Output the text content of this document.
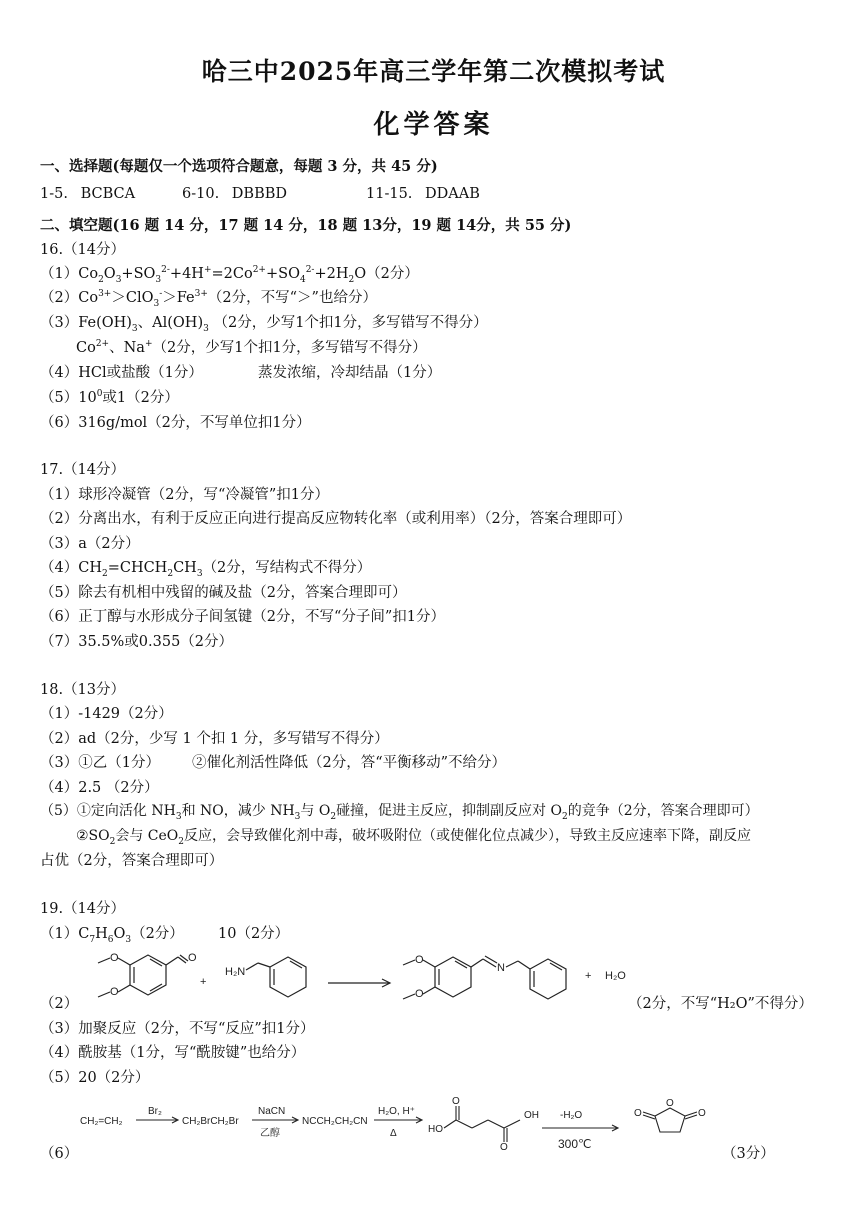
哈三中2025年高三学年第二次模拟考试
化学答案
一、选择题(每题仅一个选项符合题意，每题 3 分，共 45 分)
1-5. BCBCA	6-10. DBBBD	11-15. DDAAB
二、填空题(16 题 14 分，17 题 14 分，18 题 13分，19 题 14分，共 55 分)
16.（14分）
$(1)Co_2O_3+SO_3^{2-}+4H^+=2Co^{2+}+SO_4^{2-}+2H_2O(2$分）
$(2)Co^{3+}>ClO_3^->Fe^{3+}(2$分，不写“＞”也给分）
$(3)Fe(OH)_3$、$Al(OH)_3$ （2分，少写1个扣1分，多写错写不得分）
$Co^{2+}$、Na+（2分，少写1个扣1分，多写错写不得分）
（4）HCl或盐酸（1分）	蒸发浓缩，冷却结晶（1分）
$(5)10^0$或1（2分）
（6）316g/mol（2分，不写单位扣1分）
17.（14分）
（1）球形冷凝管（2分，写“冷凝管”扣1分）
（2）分离出水，有利于反应正向进行提高反应物转化率（或利用率）（2分，答案合理即可）
（3）a（2分）
$(4)CH_2=CHCH_2CH_3(2$分，写结构式不得分）
（5）除去有机相中残留的碱及盐（2分，答案合理即可）
（6）正丁醇与水形成分子间氢键（2分，不写“分子间”扣1分）
（7）35.5%或0.355（2分）
18.（13分）
（1）-1429（2分）
（2）ad（2分，少写 1 个扣 1 分，多写错写不得分）
（3）①乙（1分） ②催化剂活性降低（2分，答“平衡移动”不给分）
（4）2.5 （2分）
（5）①定向活化 $NH_3$和 NO，减少 $NH_3$与 $O_2$碰撞，促进主反应，抑制副反应对 $O_2$的竞争（2分，答案合理即可）
$②SO_2$会与 CeO$_2$反应，会导致催化剂中毒，破坏吸附位（或使催化位点减少），导致主反应速率下降，副反应
占优（2分，答案合理即可）
19.（14分）
$(1)C_7H_6O_3(2$分） 10（2分）
O
O
O
+
H₂N
O
O
N
+ H₂O
（2）	（2分，不写“H₂O”不得分）
（3）加聚反应（2分，不写“反应”扣1分）
（4）酰胺基（1分，写“酰胺键”也给分）
（5）20（2分）
CH₂=CH₂
Br₂
CH₂BrCH₂Br
NaCN
乙醇
NCCH₂CH₂CN
H₂O, H⁺
Δ	HO
OH -H₂O
300℃
O
O
O
O	O
（6）	（3分）
